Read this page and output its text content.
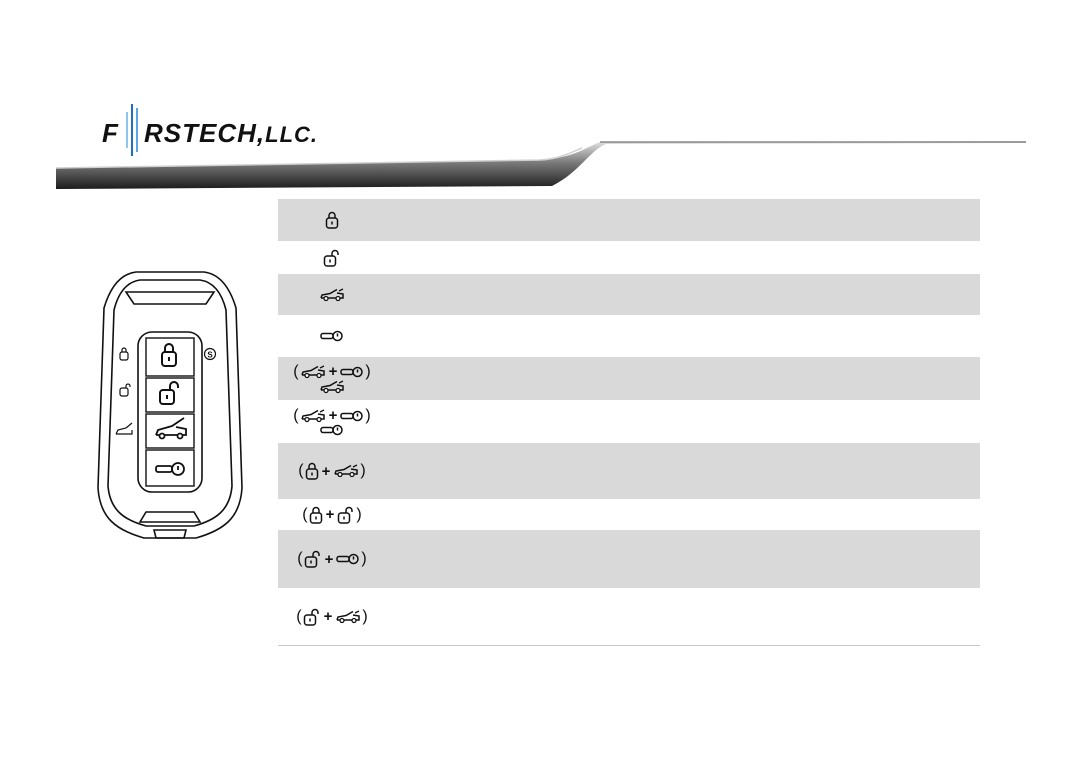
F RSTECH,LLC.
S
( + )
( + )
( + )
( + )
( + )
( + )
